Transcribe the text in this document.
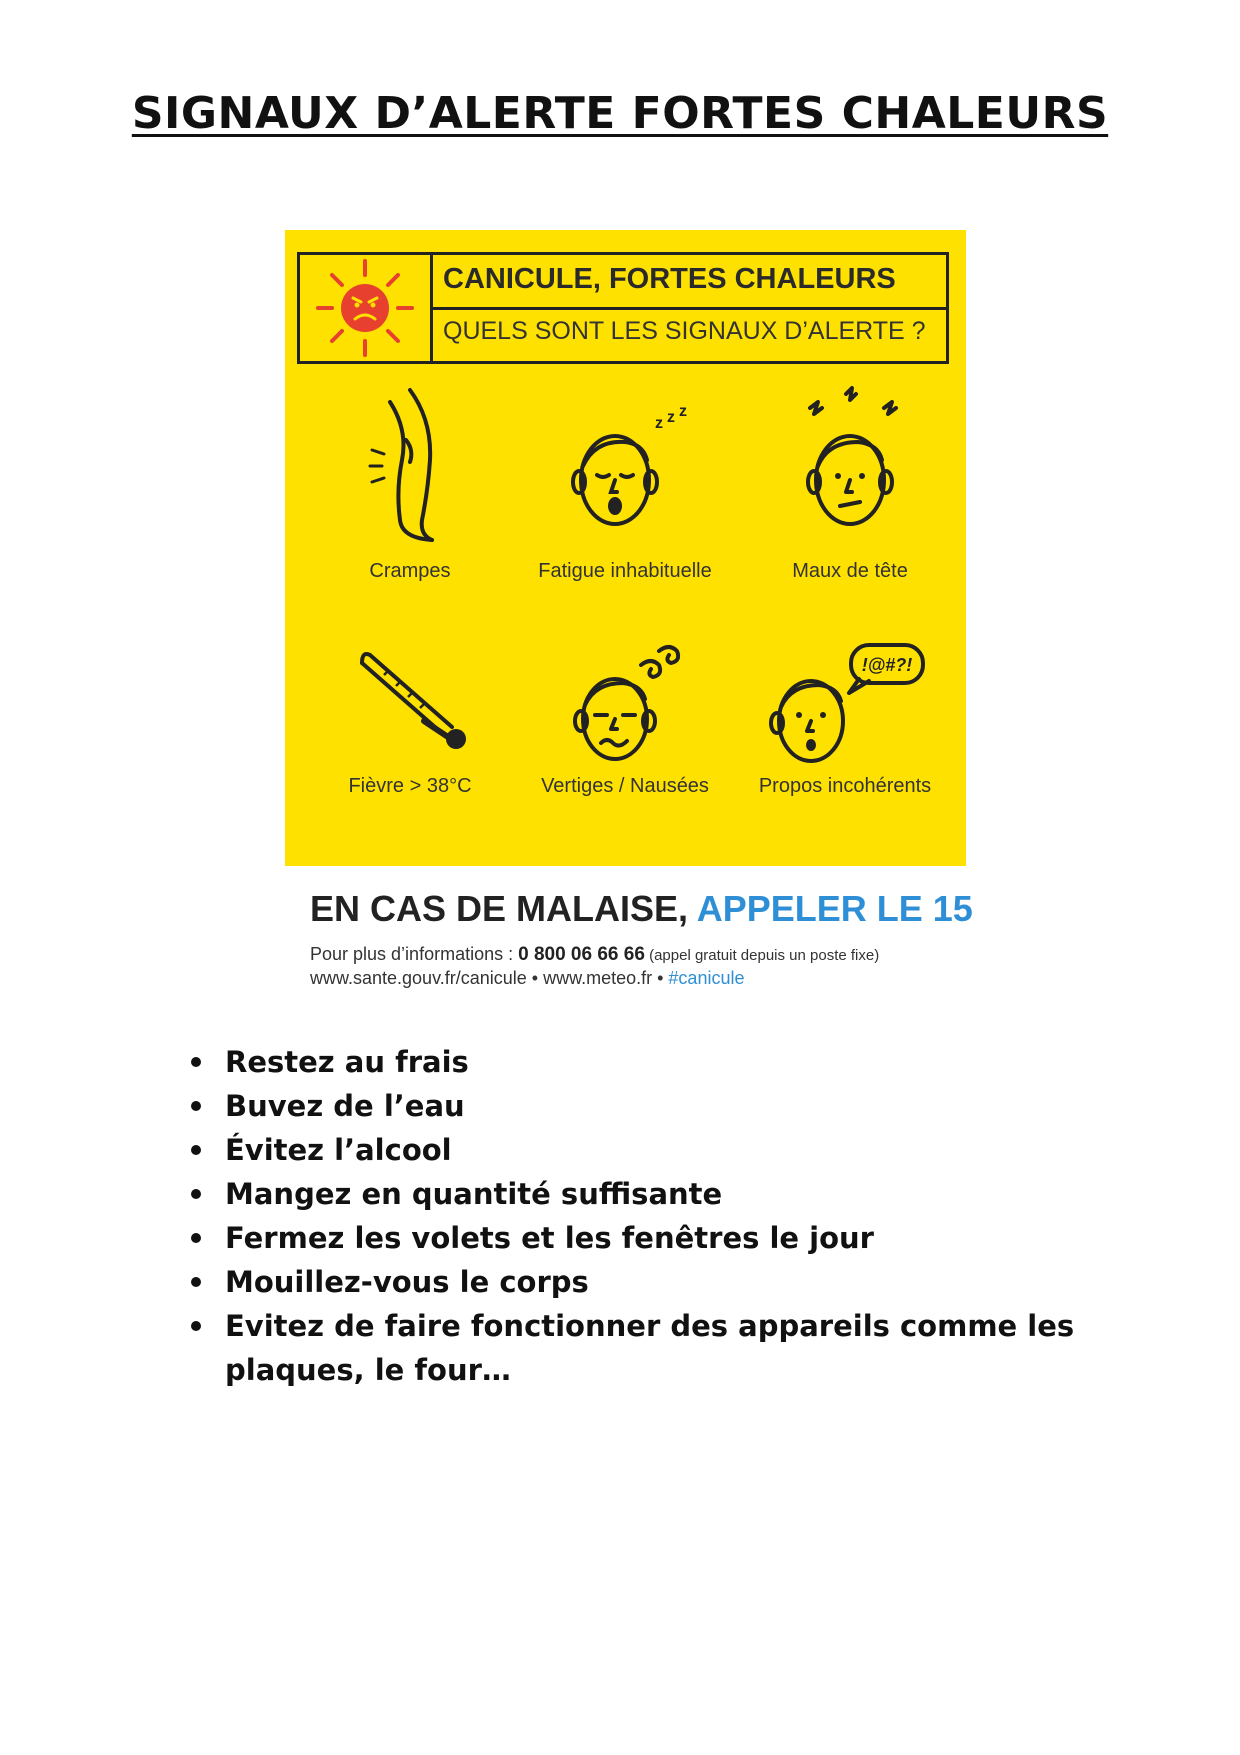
SIGNAUX D’ALERTE FORTES CHALEURS
CANICULE, FORTES CHALEURS
QUELS SONT LES SIGNAUX D’ALERTE ?
Crampes
z z z
Fatigue inhabituelle	Maux de tête
Fièvre > 38°C	Vertiges / Nausées
!@#?!
Propos incohérents
EN CAS DE MALAISE, APPELER LE 15
Pour plus d’informations : 0 800 06 66 66 (appel gratuit depuis un poste fixe)
www.sante.gouv.fr/canicule • www.meteo.fr • #canicule
Restez au frais
Buvez de l’eau
Évitez l’alcool
Mangez en quantité suffisante
Fermez les volets et les fenêtres le jour
Mouillez-vous le corps
Evitez de faire fonctionner des appareils comme les plaques, le four…
